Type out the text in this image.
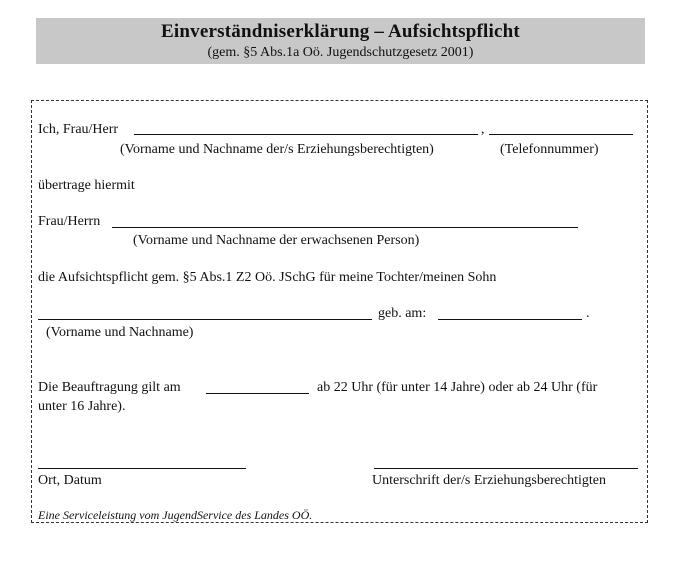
Einverständniserklärung – Aufsichtspflicht
(gem. §5 Abs.1a Oö. Jugendschutzgesetz 2001)
Ich, Frau/Herr	,
(Vorname und Nachname der/s Erziehungsberechtigten)	(Telefonnummer)
übertrage hiermit
Frau/Herrn
(Vorname und Nachname der erwachsenen Person)
die Aufsichtspflicht gem. §5 Abs.1 Z2 Oö. JSchG für meine Tochter/meinen Sohn
geb. am:	.
(Vorname und Nachname)
Die Beauftragung gilt am	ab 22 Uhr (für unter 14 Jahre) oder ab 24 Uhr (für
unter 16 Jahre).
Ort, Datum	Unterschrift der/s Erziehungsberechtigten
Eine Serviceleistung vom JugendService des Landes OÖ.
